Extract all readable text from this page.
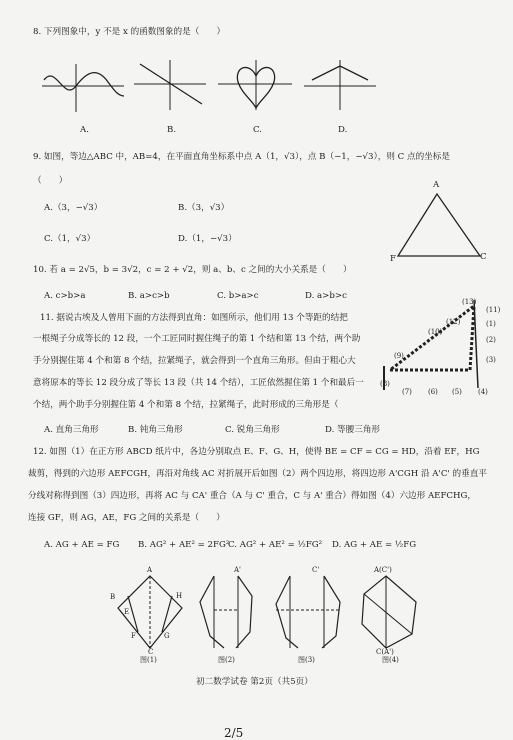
8. 下列图象中，y 不是 x 的函数图象的是（　　）
A.	B.	C.	D.
9. 如图，等边△ABC 中，AB=4，在平面直角坐标系中点 A（1，√3），点 B（−1，−√3），则 C 点的坐标是
（　　）
A.（3，−√3）	B.（3，√3）
C.（1，√3）	D.（1，−√3）
A
F	C
10. 若 a = 2√5，b = 3√2，c = 2 + √2，则 a、b、c 之间的大小关系是（　　）
A. c>b>a	B. a>c>b	C. b>a>c	D. a>b>c
11. 据说古埃及人曾用下面的方法得到直角：如图所示，他们用 13 个等距的结把
一根绳子分成等长的 12 段，一个工匠同时握住绳子的第 1 个结和第 13 个结，两个助
手分别握住第 4 个和第 8 个结，拉紧绳子，就会得到一个直角三角形。但由于粗心大
意将原本的等长 12 段分成了等长 13 段（共 14 个结），工匠依然握住第 1 个和最后一
个结，两个助手分别握住第 4 个和第 8 个结，拉紧绳子，此时形成的三角形是（
A. 直角三角形	B. 钝角三角形	C. 锐角三角形	D. 等腰三角形
(13)
(12)
(11)
(10)
(1)
(2)
(9)	(3)
(7) (6) (5) (4)
(8)
12. 如图（1）在正方形 ABCD 纸片中，各边分别取点 E、F、G、H，使得 BE = CF = CG = HD，沿着 EF，HG
裁剪，得到的六边形 AEFCGH，再沿对角线 AC 对折展开后如图（2）两个四边形，将四边形 A'CGH 沿 A'C' 的垂直平
分线对称得到图（3）四边形，再将 AC 与 CA' 重合（A 与 C' 重合，C 与 A' 重合）得如图（4）六边形 AEFCHG，
连接 GF，则 AG，AE，FG 之间的关系是（　　）
A. AG + AE = FG B. AG² + AE² = 2FG²
C. AG² + AE² = ½FG² D. AG + AE = ½FG
A
B
E
H
F	G
C
A'	C'	A(C')
C(A')
图(1)	图(2)	图(3)	图(4)
初二数学试卷 第2页（共5页）
2/5
